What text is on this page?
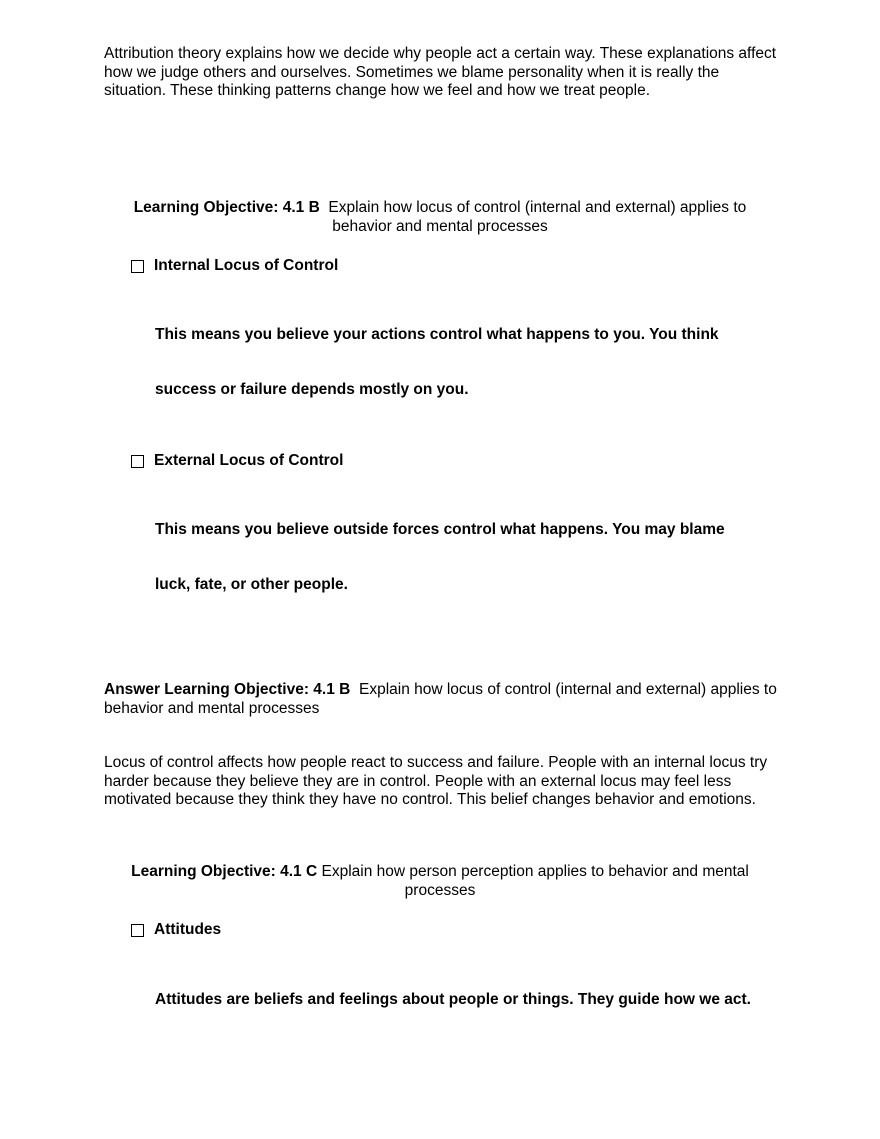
Attribution theory explains how we decide why people act a certain way. These explanations affect how we judge others and ourselves. Sometimes we blame personality when it is really the situation. These thinking patterns change how we feel and how we treat people.

Learning Objective: 4.1 B Explain how locus of control (internal and external) applies to behavior and mental processes

Internal Locus of Control

This means you believe your actions control what happens to you. You think

success or failure depends mostly on you.

External Locus of Control

This means you believe outside forces control what happens. You may blame

luck, fate, or other people.

Answer Learning Objective: 4.1 B Explain how locus of control (internal and external) applies to behavior and mental processes

Locus of control affects how people react to success and failure. People with an internal locus try harder because they believe they are in control. People with an external locus may feel less motivated because they think they have no control. This belief changes behavior and emotions.

Learning Objective: 4.1 C Explain how person perception applies to behavior and mental processes

Attitudes

Attitudes are beliefs and feelings about people or things. They guide how we act.
